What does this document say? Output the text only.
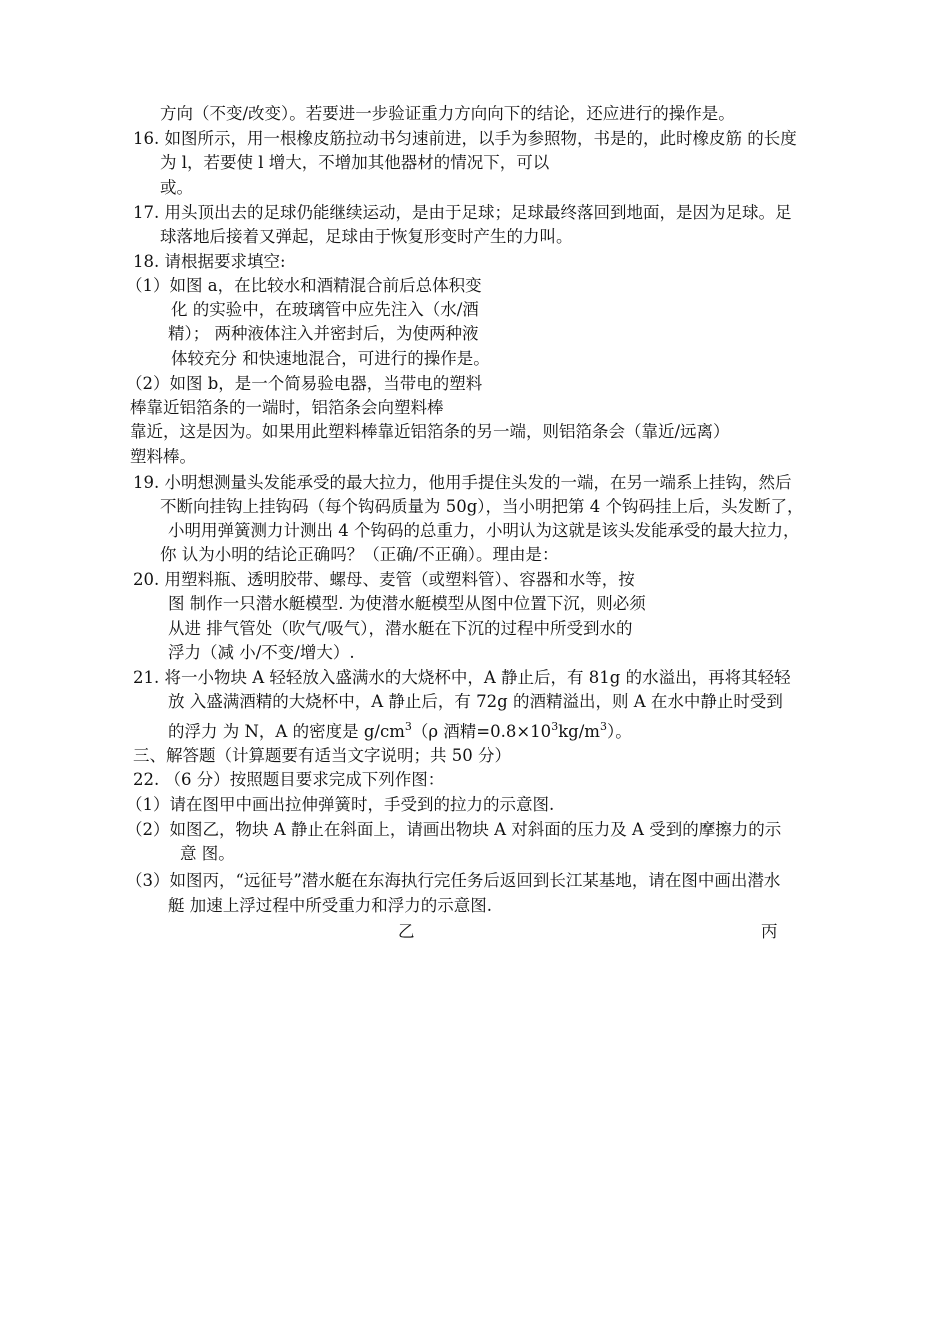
方向（不变/改变）。若要进一步验证重力方向向下的结论，还应进行的操作是。
16. 如图所示，用一根橡皮筋拉动书匀速前进，以手为参照物，书是的，此时橡皮筋 的长度
为 l，若要使 l 增大，不增加其他器材的情况下，可以
或。
17. 用头顶出去的足球仍能继续运动，是由于足球；足球最终落回到地面，是因为足球。足
球落地后接着又弹起，足球由于恢复形变时产生的力叫。
18. 请根据要求填空:
（1）如图 a，在比较水和酒精混合前后总体积变
化 的实验中，在玻璃管中应先注入（水/酒
精）； 两种液体注入并密封后，为使两种液
体较充分 和快速地混合，可进行的操作是。
（2）如图 b，是一个简易验电器，当带电的塑料
棒靠近铝箔条的一端时，铝箔条会向塑料棒
靠近，这是因为。如果用此塑料棒靠近铝箔条的另一端，则铝箔条会（靠近/远离）
塑料棒。
19. 小明想测量头发能承受的最大拉力，他用手提住头发的一端，在另一端系上挂钩，然后
不断向挂钩上挂钩码（每个钩码质量为 50g），当小明把第 4 个钩码挂上后，头发断了，
小明用弹簧测力计测出 4 个钩码的总重力，小明认为这就是该头发能承受的最大拉力，
你 认为小明的结论正确吗？（正确/不正确）。理由是：
20. 用塑料瓶、透明胶带、螺母、麦管（或塑料管）、容器和水等，按
图 制作一只潜水艇模型. 为使潜水艇模型从图中位置下沉，则必须
从进 排气管处（吹气/吸气），潜水艇在下沉的过程中所受到水的
浮力（减 小/不变/增大）.
21. 将一小物块 A 轻轻放入盛满水的大烧杯中，A 静止后，有 81g 的水溢出，再将其轻轻
放 入盛满酒精的大烧杯中，A 静止后，有 72g 的酒精溢出，则 A 在水中静止时受到
的浮力 为 N，A 的密度是 $g/cm^3(\rho$ 酒精$=0.8\times 10^3kg/m^3$）。
三、解答题（计算题要有适当文字说明；共 50 分）
22. （6 分）按照题目要求完成下列作图：
（1）请在图甲中画出拉伸弹簧时，手受到的拉力的示意图.
（2）如图乙，物块 A 静止在斜面上，请画出物块 A 对斜面的压力及 A 受到的摩擦力的示
意 图。
（3）如图丙，“远征号”潜水艇在东海执行完任务后返回到长江某基地，请在图中画出潜水
艇 加速上浮过程中所受重力和浮力的示意图.
乙	丙
